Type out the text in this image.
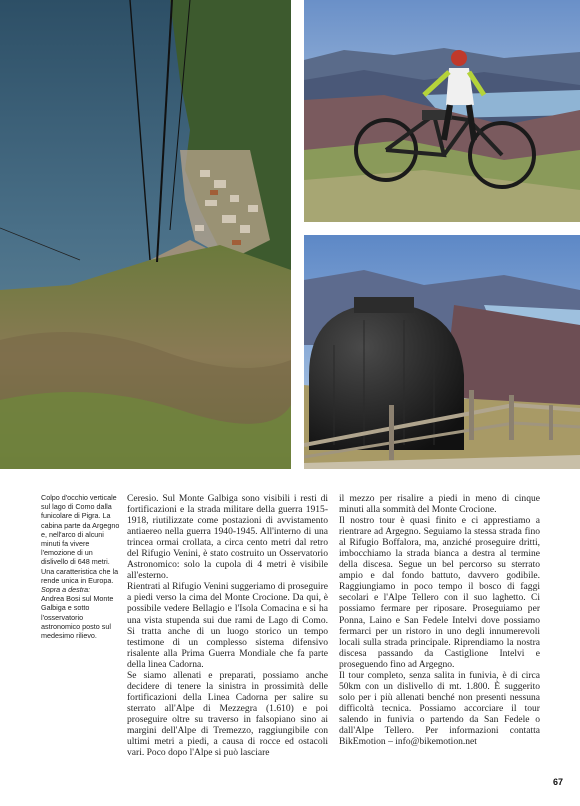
Colpo d'occhio verticale sul lago di Como dalla funicolare di Pigra. La cabina parte da Argegno e, nell'arco di alcuni minuti fa vivere l'emozione di un dislivello di 648 metri. Una caratteristica che la rende unica in Europa.

Sopra a destra:
Andrea Bosi sul Monte Galbiga e sotto l'osservatorio astronomico posto sul medesimo rilievo.

Ceresio. Sul Monte Galbiga sono visibili i resti di fortificazioni e la strada militare della guerra 1915-1918, riutilizzate come postazioni di avvistamento antiaereo nella guerra 1940-1945. All'interno di una trincea ormai crollata, a circa cento metri dal retro del Rifugio Venini, è stato costruito un Osservatorio Astronomico: solo la cupola di 4 metri è visibile all'esterno.

Rientrati al Rifugio Venini suggeriamo di proseguire a piedi verso la cima del Monte Crocione. Da qui, è possibile vedere Bellagio e l'Isola Comacina e si ha una vista stupenda sui due rami de Lago di Como. Si tratta anche di un luogo storico un tempo testimone di un complesso sistema difensivo risalente alla Prima Guerra Mondiale che fa parte della linea Cadorna.

Se siamo allenati e preparati, possiamo anche decidere di tenere la sinistra in prossimità delle fortificazioni della Linea Cadorna per salire su sterrato all'Alpe di Mezzegra (1.610) e poi proseguire oltre su traverso in falsopiano sino ai margini dell'Alpe di Tremezzo, raggiungibile con ultimi metri a piedi, a causa di rocce ed ostacoli vari. Poco dopo l'Alpe si può lasciare

il mezzo per risalire a piedi in meno di cinque minuti alla sommità del Monte Crocione.

Il nostro tour è quasi finito e ci apprestiamo a rientrare ad Argegno. Seguiamo la stessa strada fino al Rifugio Boffalora, ma, anziché proseguire dritti, imbocchiamo la strada bianca a destra al termine della discesa. Segue un bel percorso su sterrato ampio e dal fondo battuto, davvero godibile. Raggiungiamo in poco tempo il bosco di faggi secolari e l'Alpe Tellero con il suo laghetto. Ci possiamo fermare per riposare. Proseguiamo per Ponna, Laino e San Fedele Intelvi dove possiamo fermarci per un ristoro in uno degli innumerevoli locali sulla strada principale. Riprendiamo la nostra discesa passando da Castiglione Intelvi e proseguendo fino ad Argegno.

Il tour completo, senza salita in funivia, è di circa 50km con un dislivello di mt. 1.800. È suggerito solo per i più allenati benché non presenti nessuna difficoltà tecnica. Possiamo accorciare il tour salendo in funivia o partendo da San Fedele o dall'Alpe Tellero. Per informazioni contatta BikEmotion – info@bikemotion.net

67
